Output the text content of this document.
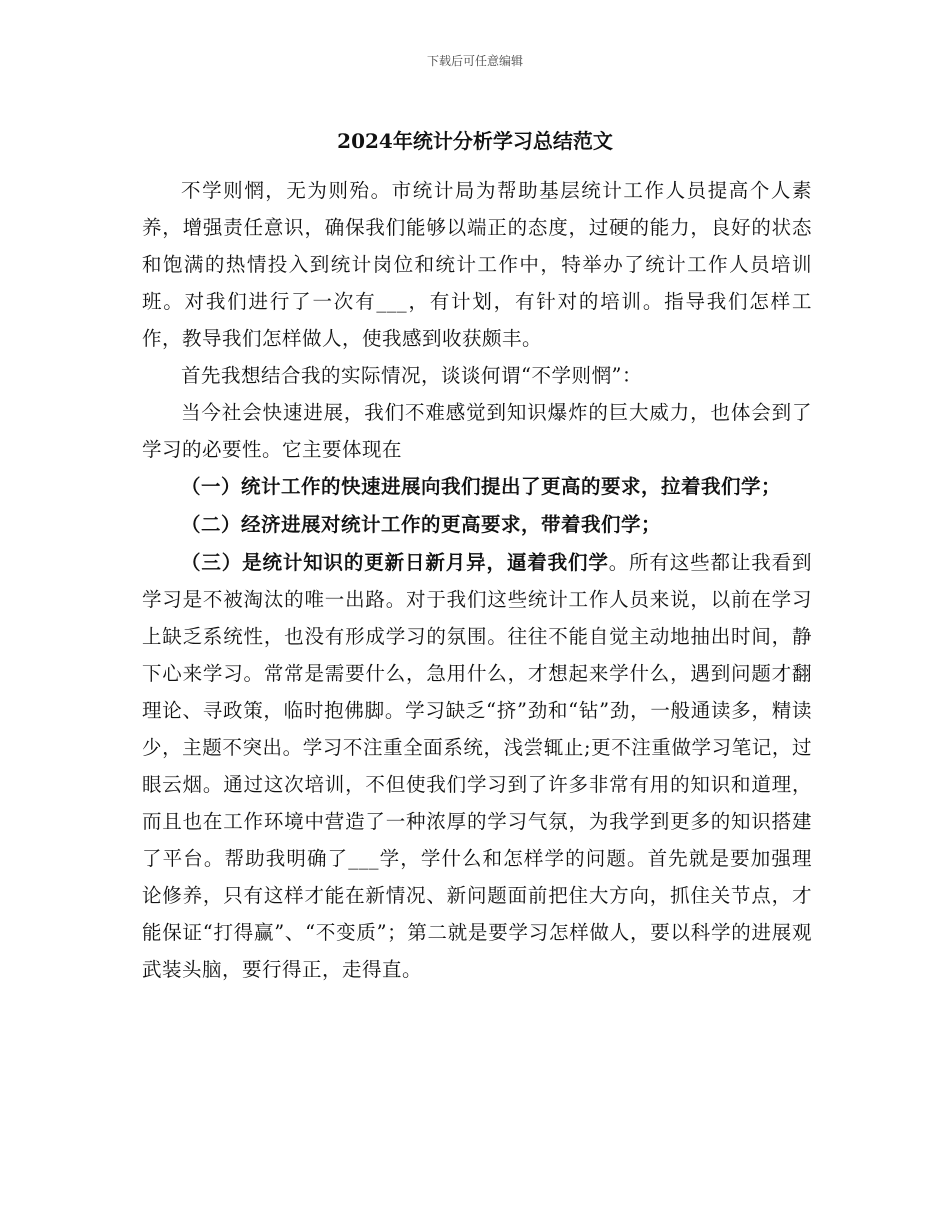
下载后可任意编辑
2024年统计分析学习总结范文

不学则惘，无为则殆。市统计局为帮助基层统计工作人员提高个人素养，增强责任意识，确保我们能够以端正的态度，过硬的能力，良好的状态和饱满的热情投入到统计岗位和统计工作中，特举办了统计工作人员培训班。对我们进行了一次有___，有计划，有针对的培训。指导我们怎样工作，教导我们怎样做人，使我感到收获颇丰。

首先我想结合我的实际情况，谈谈何谓“不学则惘”：

当今社会快速进展，我们不难感觉到知识爆炸的巨大威力，也体会到了学习的必要性。它主要体现在

（一）统计工作的快速进展向我们提出了更高的要求，拉着我们学；

（二）经济进展对统计工作的更高要求，带着我们学；

（三）是统计知识的更新日新月异，逼着我们学。所有这些都让我看到学习是不被淘汰的唯一出路。对于我们这些统计工作人员来说，以前在学习上缺乏系统性，也没有形成学习的氛围。往往不能自觉主动地抽出时间，静下心来学习。常常是需要什么，急用什么，才想起来学什么，遇到问题才翻理论、寻政策，临时抱佛脚。学习缺乏“挤”劲和“钻”劲，一般通读多，精读少，主题不突出。学习不注重全面系统，浅尝辄止;更不注重做学习笔记，过眼云烟。通过这次培训，不但使我们学习到了许多非常有用的知识和道理，而且也在工作环境中营造了一种浓厚的学习气氛，为我学到更多的知识搭建了平台。帮助我明确了___学，学什么和怎样学的问题。首先就是要加强理论修养，只有这样才能在新情况、新问题面前把住大方向，抓住关节点，才能保证“打得赢”、“不变质”；第二就是要学习怎样做人，要以科学的进展观武装头脑，要行得正，走得直。
